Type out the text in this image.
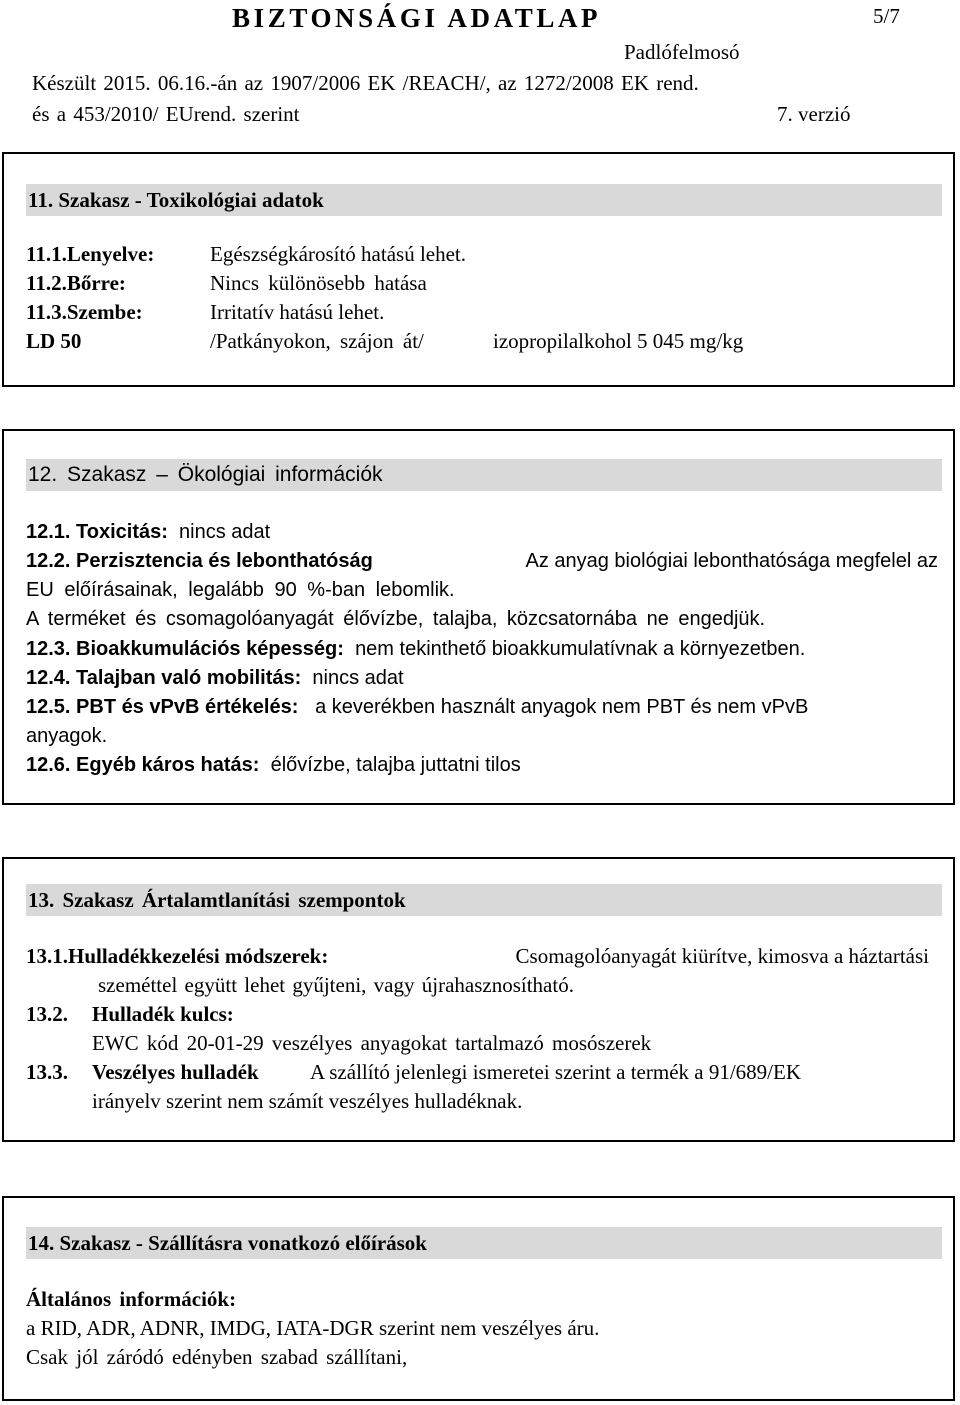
BIZTONSÁGI ADATLAP	5/7
Padlófelmosó
Készült 2015. 06.16.-án az 1907/2006 EK /REACH/, az 1272/2008 EK rend.
és a 453/2010/ EUrend. szerint	7. verzió
11. Szakasz - Toxikológiai adatok
11.1.Lenyelve:	Egészségkárosító hatású lehet.
11.2.Bőrre:	Nincs különösebb hatása
11.3.Szembe:	Irritatív hatású lehet.
LD 50	/Patkányokon, szájon át/	izopropilalkohol 5 045 mg/kg
12. Szakasz – Ökológiai információk
12.1. Toxicitás: nincs adat
12.2. Perzisztencia és lebonthatóság	Az anyag biológiai lebonthatósága megfelel az
EU előírásainak, legalább 90 %-ban lebomlik.
A terméket és csomagolóanyagát élővízbe, talajba, közcsatornába ne engedjük.
12.3. Bioakkumulációs képesség: nem tekinthető bioakkumulatívnak a környezetben.
12.4. Talajban való mobilitás: nincs adat
12.5. PBT és vPvB értékelés: a keverékben használt anyagok nem PBT és nem vPvB
anyagok.
12.6. Egyéb káros hatás: élővízbe, talajba juttatni tilos
13. Szakasz Ártalamtlanítási szempontok
13.1.Hulladékkezelési módszerek:	Csomagolóanyagát kiürítve, kimosva a háztartási
szeméttel együtt lehet gyűjteni, vagy újrahasznosítható.
13.2. Hulladék kulcs:
EWC kód 20-01-29 veszélyes anyagokat tartalmazó mosószerek
13.3. Veszélyes hulladék A szállító jelenlegi ismeretei szerint a termék a 91/689/EK
irányelv szerint nem számít veszélyes hulladéknak.
14. Szakasz - Szállításra vonatkozó előírások
Általános információk:
a RID, ADR, ADNR, IMDG, IATA-DGR szerint nem veszélyes áru.
Csak jól záródó edényben szabad szállítani,
